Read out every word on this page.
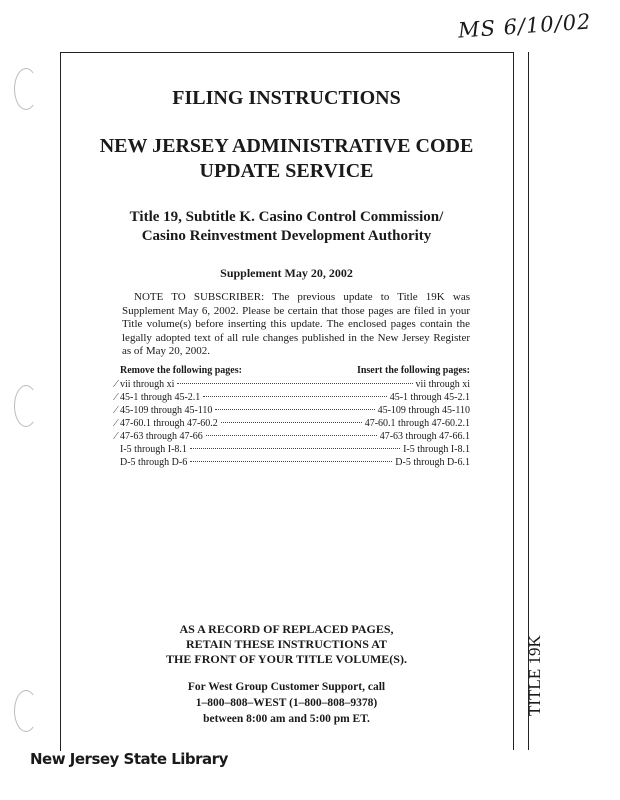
MS 6/10/02
TITLE 19K
FILING INSTRUCTIONS
NEW JERSEY ADMINISTRATIVE CODE
UPDATE SERVICE
Title 19, Subtitle K. Casino Control Commission/
Casino Reinvestment Development Authority
Supplement May 20, 2002
NOTE TO SUBSCRIBER: The previous update to Title 19K was Supplement May 6, 2002. Please be certain that those pages are filed in your Title volume(s) before inserting this update. The enclosed pages contain the legally adopted text of all rule changes published in the New Jersey Register as of May 20, 2002.
Remove the following pages:	Insert the following pages:
vii through xi	vii through xi
45-1 through 45-2.1	45-1 through 45-2.1
45-109 through 45-110	45-109 through 45-110
47-60.1 through 47-60.2	47-60.1 through 47-60.2.1
47-63 through 47-66	47-63 through 47-66.1
I-5 through I-8.1	I-5 through I-8.1
D-5 through D-6	D-5 through D-6.1
⁄
⁄
⁄
⁄
⁄
AS A RECORD OF REPLACED PAGES,
RETAIN THESE INSTRUCTIONS AT
THE FRONT OF YOUR TITLE VOLUME(S).
For West Group Customer Support, call
1–800–808–WEST (1–800–808–9378)
between 8:00 am and 5:00 pm ET.
New Jersey State Library
